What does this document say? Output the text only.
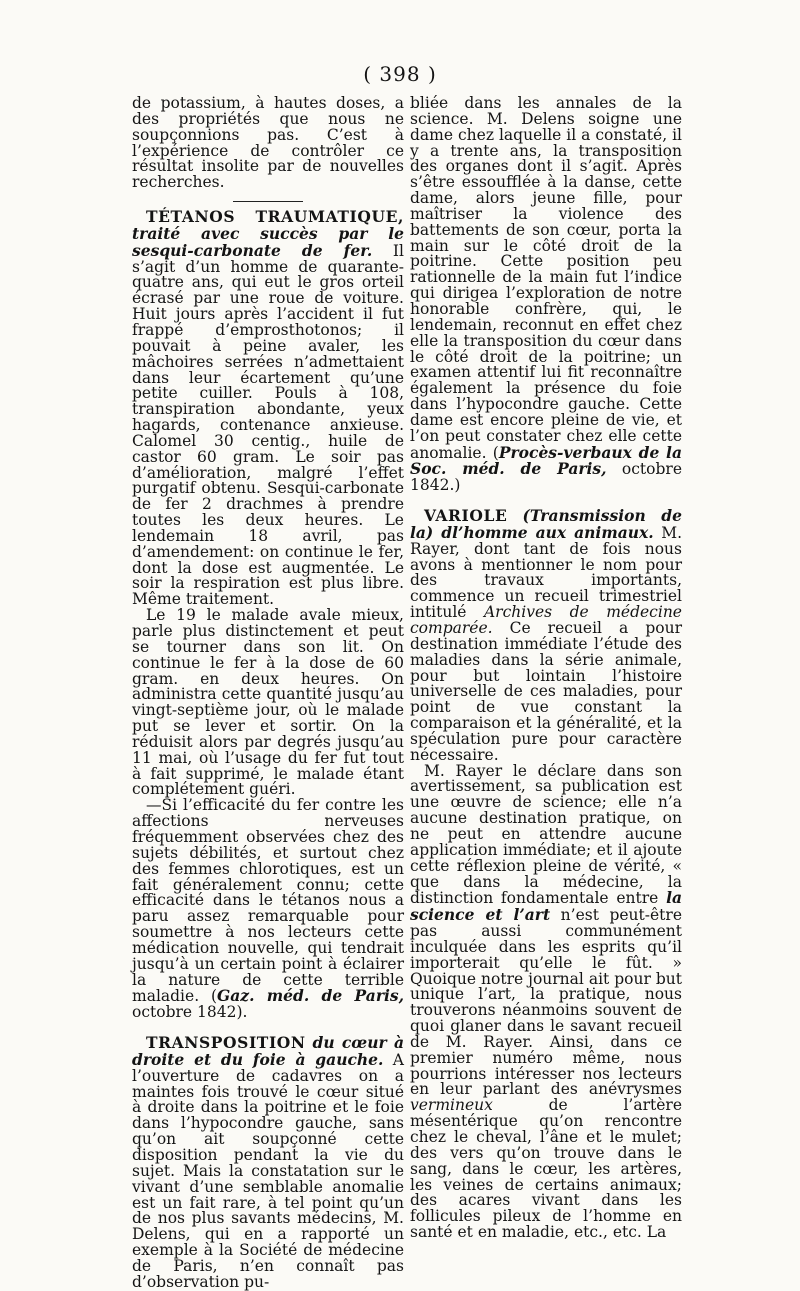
( 398 )

de potassium, à hautes doses, a des propriétés que nous ne soupçonnions pas. C’est à l’expérience de contrôler ce résultat insolite par de nouvelles recherches.

TÉTANOS TRAUMATIQUE, traité avec succès par le sesqui-carbonate de fer. Il s’agit d’un homme de quarante-quatre ans, qui eut le gros orteil écrasé par une roue de voiture. Huit jours après l’accident il fut frappé d’emprosthotonos; il pouvait à peine avaler, les mâchoires serrées n’admettaient dans leur écartement qu’une petite cuiller. Pouls à 108, transpiration abondante, yeux hagards, contenance anxieuse. Calomel 30 centig., huile de castor 60 gram. Le soir pas d’amélioration, malgré l’effet purgatif obtenu. Sesqui-carbonate de fer 2 drachmes à prendre toutes les deux heures. Le lendemain 18 avril, pas d’amendement: on continue le fer, dont la dose est augmentée. Le soir la respiration est plus libre. Même traitement.

Le 19 le malade avale mieux, parle plus distinctement et peut se tourner dans son lit. On continue le fer à la dose de 60 gram. en deux heures. On administra cette quantité jusqu’au vingt-septième jour, où le malade put se lever et sortir. On la réduisit alors par degrés jusqu’au 11 mai, où l’usage du fer fut tout à fait supprimé, le malade étant complétement guéri.

—Si l’efficacité du fer contre les affections nerveuses fréquemment observées chez des sujets débilités, et surtout chez des femmes chlorotiques, est un fait généralement connu; cette efficacité dans le tétanos nous a paru assez remarquable pour soumettre à nos lecteurs cette médication nouvelle, qui tendrait jusqu’à un certain point à éclairer la nature de cette terrible maladie. (Gaz. méd. de Paris, octobre 1842).

TRANSPOSITION du cœur à droite et du foie à gauche. A l’ouverture de cadavres on a maintes fois trouvé le cœur situé à droite dans la poitrine et le foie dans l’hypocondre gauche, sans qu’on ait soupçonné cette disposition pendant la vie du sujet. Mais la constatation sur le vivant d’une semblable anomalie est un fait rare, à tel point qu’un de nos plus savants médecins, M. Delens, qui en a rapporté un exemple à la Société de médecine de Paris, n’en connaît pas d’observation pu-

bliée dans les annales de la science. M. Delens soigne une dame chez laquelle il a constaté, il y a trente ans, la transposition des organes dont il s’agit. Après s’être essoufflée à la danse, cette dame, alors jeune fille, pour maîtriser la violence des battements de son cœur, porta la main sur le côté droit de la poitrine. Cette position peu rationnelle de la main fut l’indice qui dirigea l’exploration de notre honorable confrère, qui, le lendemain, reconnut en effet chez elle la transposition du cœur dans le côté droit de la poitrine; un examen attentif lui fit reconnaître également la présence du foie dans l’hypocondre gauche. Cette dame est encore pleine de vie, et l’on peut constater chez elle cette anomalie. (Procès-verbaux de la Soc. méd. de Paris, octobre 1842.)

VARIOLE (Transmission de la) dl’homme aux animaux. M. Rayer, dont tant de fois nous avons à mentionner le nom pour des travaux importants, commence un recueil trimestriel intitulé Archives de médecine comparée. Ce recueil a pour destination immédiate l’étude des maladies dans la série animale, pour but lointain l’histoire universelle de ces maladies, pour point de vue constant la comparaison et la généralité, et la spéculation pure pour caractère nécessaire.

M. Rayer le déclare dans son avertissement, sa publication est une œuvre de science; elle n’a aucune destination pratique, on ne peut en attendre aucune application immédiate; et il ajoute cette réflexion pleine de vérité, « que dans la médecine, la distinction fondamentale entre la science et l’art n’est peut-être pas aussi communément inculquée dans les esprits qu’il importerait qu’elle le fût. » Quoique notre journal ait pour but unique l’art, la pratique, nous trouverons néanmoins souvent de quoi glaner dans le savant recueil de M. Rayer. Ainsi, dans ce premier numéro même, nous pourrions intéresser nos lecteurs en leur parlant des anévrysmes vermineux	de l’artère mésentérique qu’on rencontre chez le cheval, l’âne et le mulet; des vers qu’on trouve dans le sang, dans le cœur, les artères, les veines de certains animaux; des acares vivant dans les follicules pileux de l’homme en santé et en maladie, etc., etc. La
